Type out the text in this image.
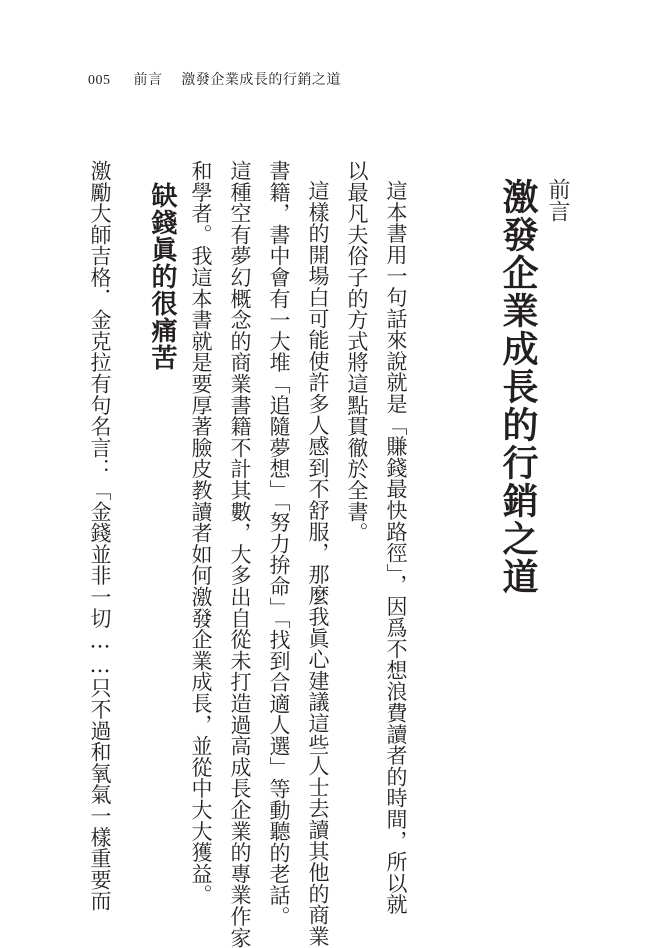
005 前言 激發企業成長的行銷之道
前言
激發企業成長的行銷之道

這本書用一句話來說就是「賺錢最快路徑」，因爲不想浪費讀者的時間，所以就

以最凡夫俗子的方式將這點貫徹於全書。

這樣的開場白可能使許多人感到不舒服，那麼我眞心建議這些人士去讀其他的商業

書籍，書中會有一大堆「追隨夢想」「努力拚命」「找到合適人選」等動聽的老話。

這種空有夢幻概念的商業書籍不計其數，大多出自從未打造過高成長企業的專業作家

和學者。我這本書就是要厚著臉皮教讀者如何激發企業成長，並從中大大獲益。

缺錢眞的很痛苦

激勵大師吉格．金克拉有句名言：「金錢並非一切……只不過和氧氣一樣重要而
